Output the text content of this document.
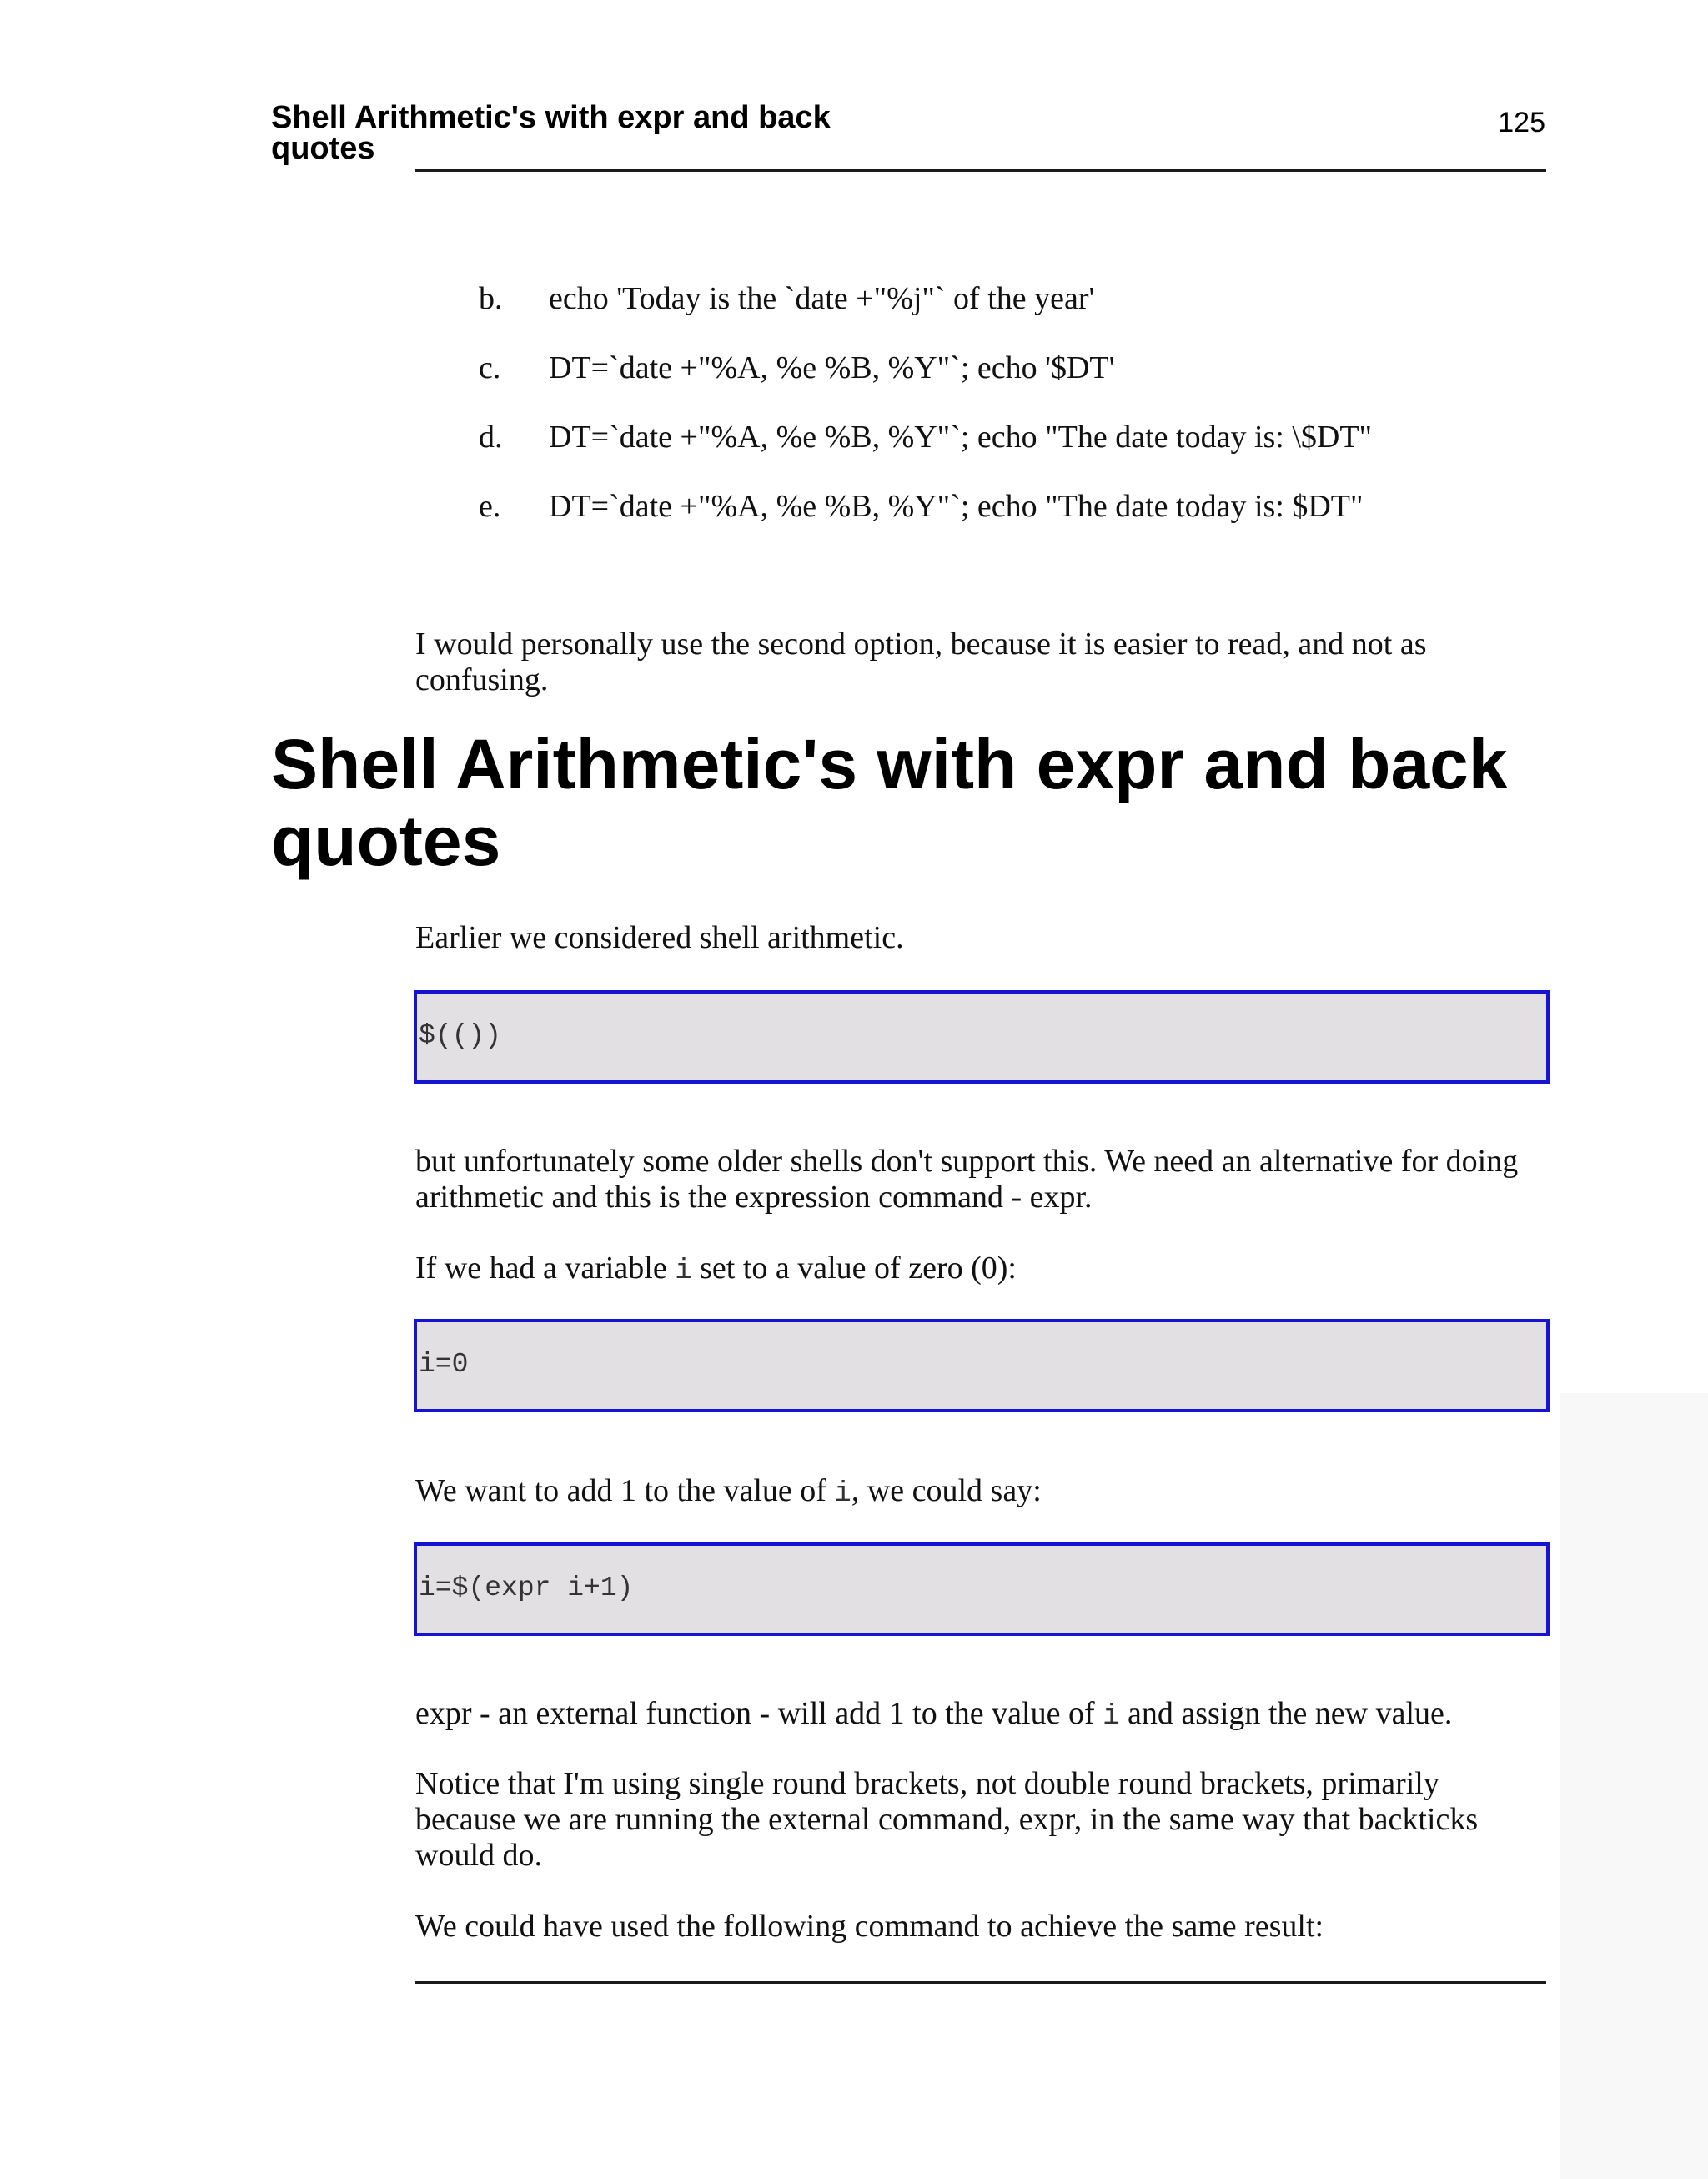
Shell Arithmetic's with expr and back quotes
125
b. echo 'Today is the `date +"%j"` of the year'
c. DT=`date +"%A, %e %B, %Y"`; echo '$DT'
d. DT=`date +"%A, %e %B, %Y"`; echo "The date today is: \$DT"
e. DT=`date +"%A, %e %B, %Y"`; echo "The date today is: $DT"

I would personally use the second option, because it is easier to read, and not as confusing.

Shell Arithmetic's with expr and back quotes

Earlier we considered shell arithmetic.

$(())

but unfortunately some older shells don't support this. We need an alternative for doing arithmetic and this is the expression command - expr.

If we had a variable i set to a value of zero (0):

i=0

We want to add 1 to the value of i, we could say:

i=$(expr i+1)

expr - an external function - will add 1 to the value of i and assign the new value.

Notice that I'm using single round brackets, not double round brackets, primarily because we are running the external command, expr, in the same way that backticks would do.

We could have used the following command to achieve the same result:
